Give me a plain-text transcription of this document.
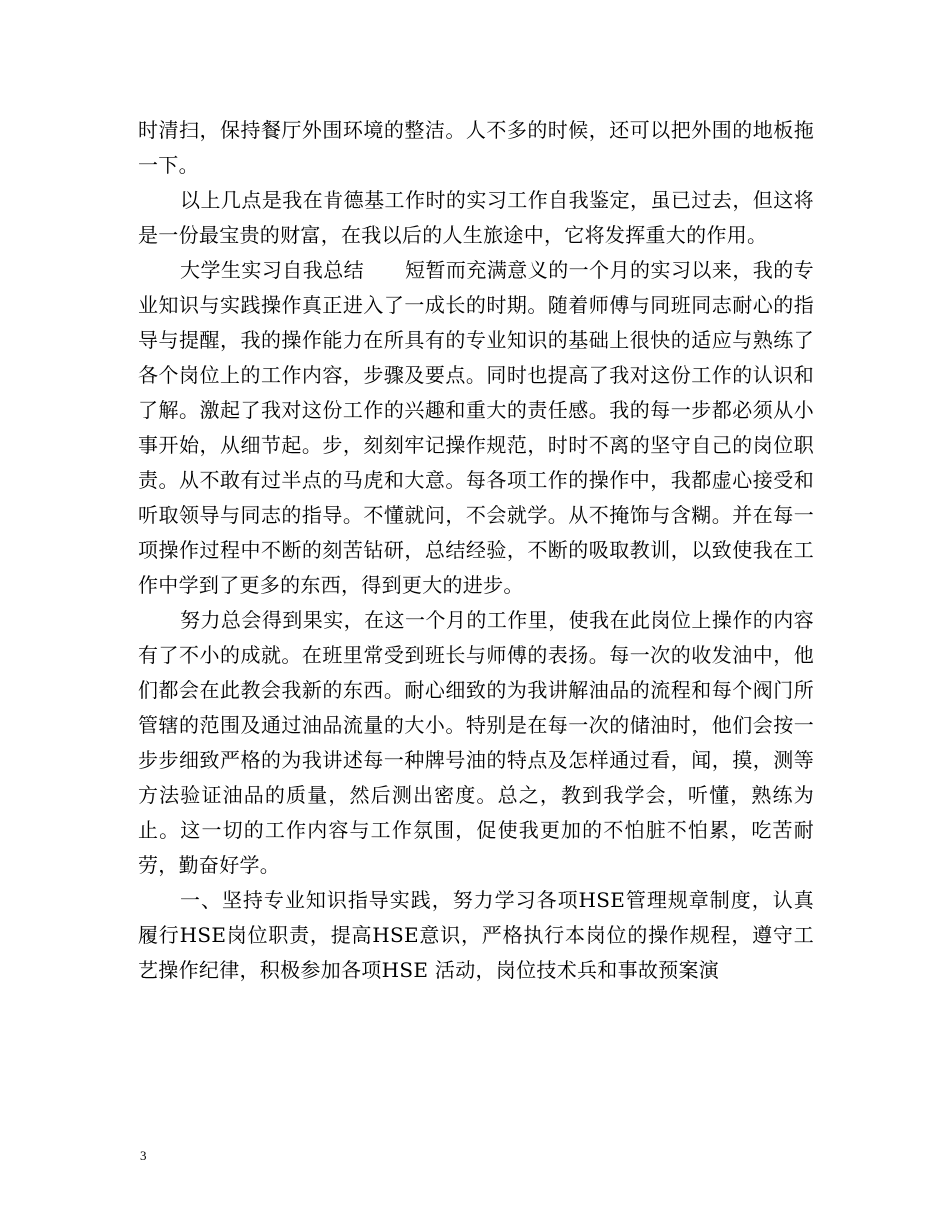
时清扫，保持餐厅外围环境的整洁。人不多的时候，还可以把外围的地板拖一下。

以上几点是我在肯德基工作时的实习工作自我鉴定，虽已过去，但这将是一份最宝贵的财富，在我以后的人生旅途中，它将发挥重大的作用。

大学生实习自我总结　　短暂而充满意义的一个月的实习以来，我的专业知识与实践操作真正进入了一成长的时期。随着师傅与同班同志耐心的指导与提醒，我的操作能力在所具有的专业知识的基础上很快的适应与熟练了各个岗位上的工作内容，步骤及要点。同时也提高了我对这份工作的认识和了解。激起了我对这份工作的兴趣和重大的责任感。我的每一步都必须从小事开始，从细节起。步，刻刻牢记操作规范，时时不离的坚守自己的岗位职责。从不敢有过半点的马虎和大意。每各项工作的操作中，我都虚心接受和听取领导与同志的指导。不懂就问，不会就学。从不掩饰与含糊。并在每一项操作过程中不断的刻苦钻研，总结经验，不断的吸取教训，以致使我在工作中学到了更多的东西，得到更大的进步。

努力总会得到果实，在这一个月的工作里，使我在此岗位上操作的内容有了不小的成就。在班里常受到班长与师傅的表扬。每一次的收发油中，他们都会在此教会我新的东西。耐心细致的为我讲解油品的流程和每个阀门所管辖的范围及通过油品流量的大小。特别是在每一次的储油时，他们会按一步步细致严格的为我讲述每一种牌号油的特点及怎样通过看，闻，摸，测等方法验证油品的质量，然后测出密度。总之，教到我学会，听懂，熟练为止。这一切的工作内容与工作氛围，促使我更加的不怕脏不怕累，吃苦耐劳，勤奋好学。

一、坚持专业知识指导实践，努力学习各项HSE管理规章制度，认真履行HSE岗位职责，提高HSE意识，严格执行本岗位的操作规程，遵守工艺操作纪律，积极参加各项HSE 活动，岗位技术兵和事故预案演

3
